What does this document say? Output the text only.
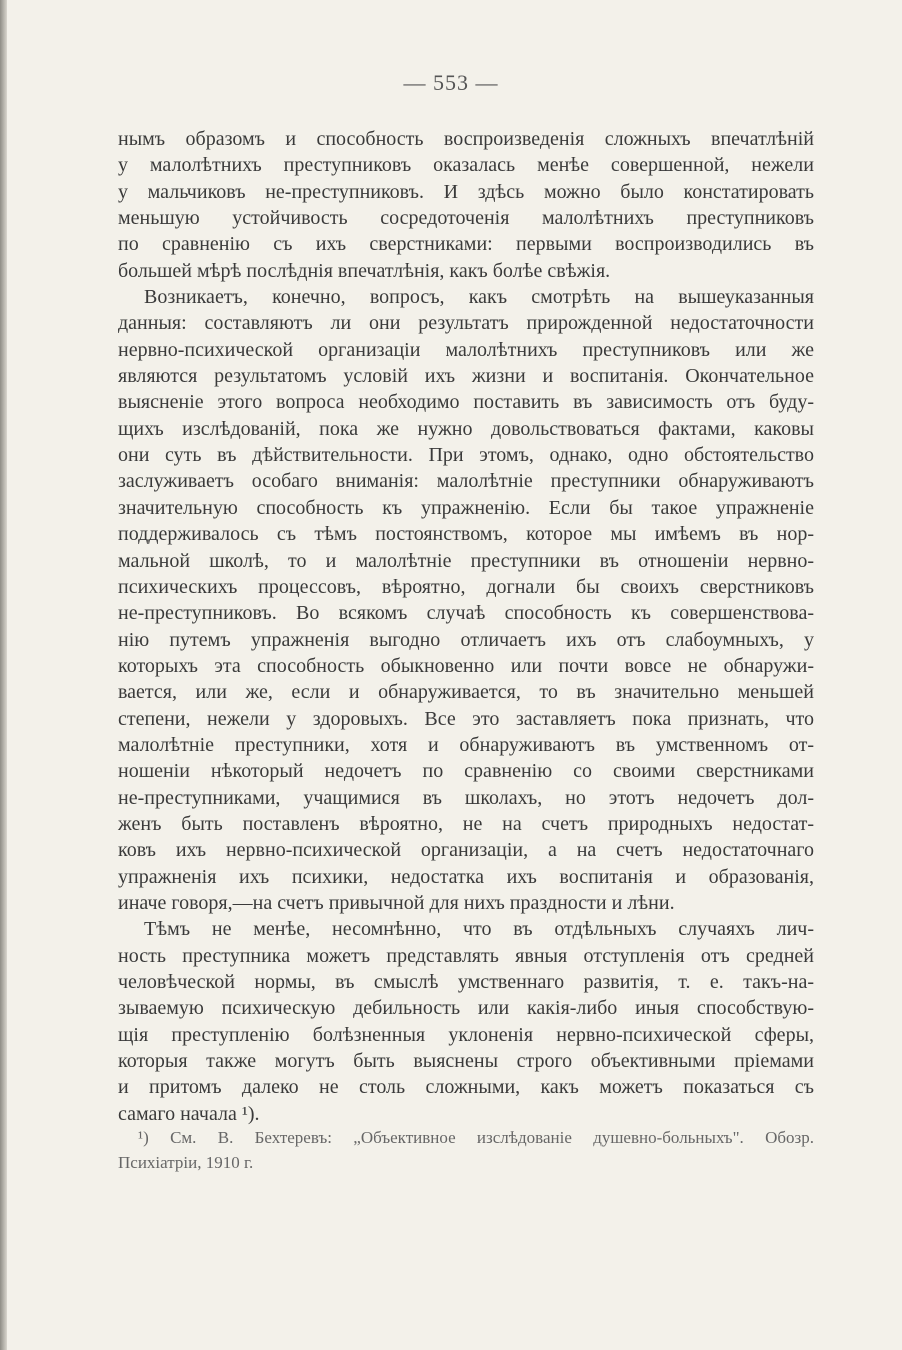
— 553 —
нымъ образомъ и способность воспроизведенія сложныхъ впечатлѣній
у малолѣтнихъ преступниковъ оказалась менѣе совершенной, нежели
у мальчиковъ не-преступниковъ. И здѣсь можно было констатировать
меньшую устойчивость сосредоточенія малолѣтнихъ преступниковъ
по сравненію съ ихъ сверстниками: первыми воспроизводились въ
большей мѣрѣ послѣднія впечатлѣнія, какъ болѣе свѣжія.
Возникаетъ, конечно, вопросъ, какъ смотрѣть на вышеуказанныя
данныя: составляютъ ли они результатъ прирожденной недостаточности
нервно-психической организаціи малолѣтнихъ преступниковъ или же
являются результатомъ условій ихъ жизни и воспитанія. Окончательное
выясненіе этого вопроса необходимо поставить въ зависимость отъ буду-
щихъ изслѣдованій, пока же нужно довольствоваться фактами, каковы
они суть въ дѣйствительности. При этомъ, однако, одно обстоятельство
заслуживаетъ особаго вниманія: малолѣтніе преступники обнаруживаютъ
значительную способность къ упражненію. Если бы такое упражненіе
поддерживалось съ тѣмъ постоянствомъ, которое мы имѣемъ въ нор-
мальной школѣ, то и малолѣтніе преступники въ отношеніи нервно-
психическихъ процессовъ, вѣроятно, догнали бы своихъ сверстниковъ
не-преступниковъ. Во всякомъ случаѣ способность къ совершенствова-
нію путемъ упражненія выгодно отличаетъ ихъ отъ слабоумныхъ, у
которыхъ эта способность обыкновенно или почти вовсе не обнаружи-
вается, или же, если и обнаруживается, то въ значительно меньшей
степени, нежели у здоровыхъ. Все это заставляетъ пока признать, что
малолѣтніе преступники, хотя и обнаруживаютъ въ умственномъ от-
ношеніи нѣкоторый недочетъ по сравненію со своими сверстниками
не-преступниками, учащимися въ школахъ, но этотъ недочетъ дол-
женъ быть поставленъ вѣроятно, не на счетъ природныхъ недостат-
ковъ ихъ нервно-психической организаціи, а на счетъ недостаточнаго
упражненія ихъ психики, недостатка ихъ воспитанія и образованія,
иначе говоря,—на счетъ привычной для нихъ праздности и лѣни.
Тѣмъ не менѣе, несомнѣнно, что въ отдѣльныхъ случаяхъ лич-
ность преступника можетъ представлять явныя отступленія отъ средней
человѣческой нормы, въ смыслѣ умственнаго развитія, т. е. такъ-на-
зываемую психическую дебильность или какія-либо иныя способствую-
щія преступленію болѣзненныя уклоненія нервно-психической сферы,
которыя также могутъ быть выяснены строго объективными пріемами
и притомъ далеко не столь сложными, какъ можетъ показаться съ
самаго начала ¹).
¹) См. В. Бехтеревъ: „Объективное изслѣдованіе душевно-больныхъ". Обозр.
Психіатріи, 1910 г.
